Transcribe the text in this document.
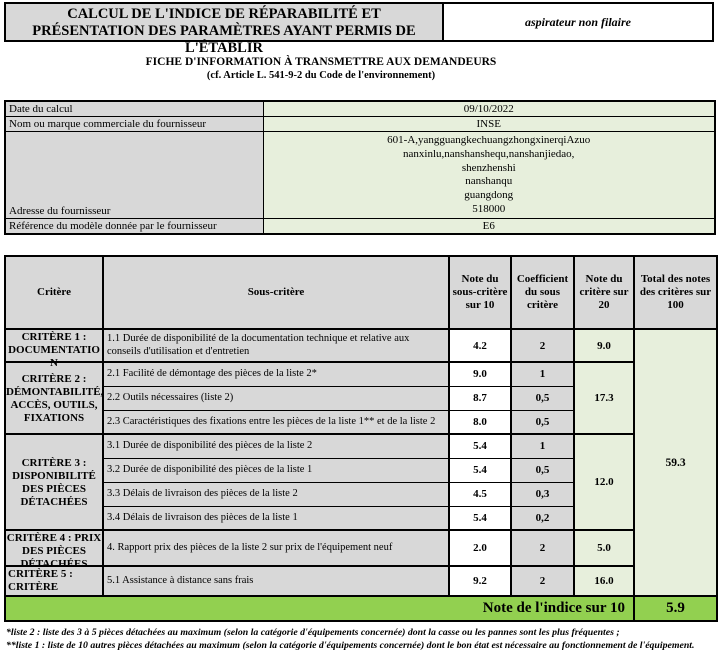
CALCUL DE L'INDICE DE RÉPARABILITÉ ET
PRÉSENTATION DES PARAMÈTRES AYANT PERMIS DE
L'ÉTABLIR
aspirateur non filaire
FICHE D'INFORMATION À TRANSMETTRE AUX DEMANDEURS
(cf. Article L. 541-9-2 du Code de l'environnement)
Date du calcul	09/10/2022
Nom ou marque commerciale du fournisseur	INSE
Adresse du fournisseur	
601-A,yangguangkechuangzhongxinerqiAzuo
nanxinlu,nanshanshequ,nanshanjiedao,
shenzhenshi
nanshanqu
guangdong
518000

Référence du modèle donnée par le fournisseur	E6
Critère	Sous-critère	Note du sous-critère sur 10	Coefficient du sous critère	Note du critère sur 20	Total des notes des critères sur 100

CRITÈRE 1 :
DOCUMENTATIO
N	1.1 Durée de disponibilité de la documentation technique et relative aux conseils d'utilisation et d'entretien	4.2	2	9.0	59.3

CRITÈRE 2 :
DÉMONTABILITÉ,
ACCÈS, OUTILS,
FIXATIONS	2.1 Facilité de démontage des pièces de la liste 2*	9.0	1	17.3	
	2.2 Outils nécessaires (liste 2)	8.7	0,5		
	2.3 Caractéristiques des fixations entre les pièces de la liste 1** et de la liste 2	8.0	0,5		

CRITÈRE 3 :
DISPONIBILITÉ
DES PIÈCES
DÉTACHÉES	3.1 Durée de disponibilité des pièces de la liste 2	5.4	1	12.0	
	3.2 Durée de disponibilité des pièces de la liste 1	5.4	0,5		
	3.3 Délais de livraison des pièces de la liste 2	4.5	0,3		
	3.4 Délais de livraison des pièces de la liste 1	5.4	0,2		

CRITÈRE 4 : PRIX
DES PIÈCES
DÉTACHÉES	4. Rapport prix des pièces de la liste 2 sur prix de l'équipement neuf	2.0	2	5.0	

CRITÈRE 5 :
CRITÈRE	5.1 Assistance à distance sans frais	9.2	2	16.0	
Note de l'indice sur 10					5.9
*liste 2 : liste des 3 à 5 pièces détachées au maximum (selon la catégorie d'équipements concernée) dont la casse ou les pannes sont les plus fréquentes ;
**liste 1 : liste de 10 autres pièces détachées au maximum (selon la catégorie d'équipements concernée) dont le bon état est nécessaire au fonctionnement de l'équipement.
